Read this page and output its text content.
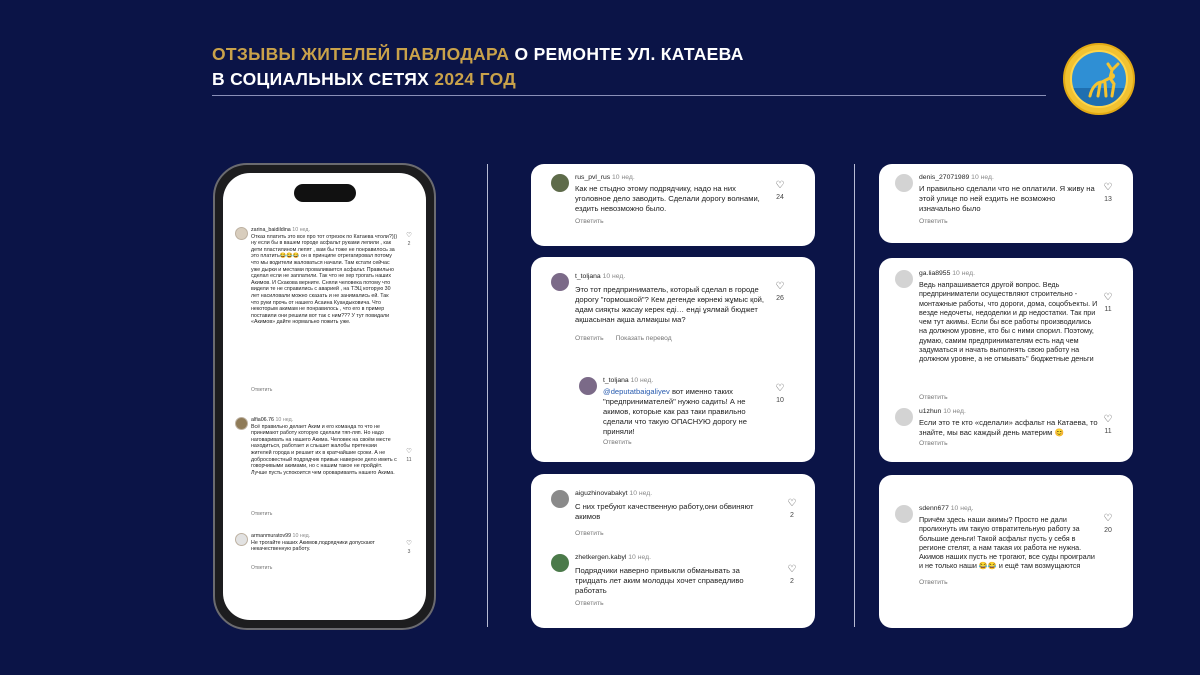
ОТЗЫВЫ ЖИТЕЛЕЙ ПАВЛОДАРА О РЕМОНТЕ УЛ. КАТАЕВА
В СОЦИАЛЬНЫХ СЕТЯХ 2024 ГОД
zarina_baidildina 10 нед.
Отказ платить это все про тот отрезок по Катаева чтоли?))) ну если бы в вашем городе асфальт руками лепили , как дети пластилином лепят , вам бы тоже не понравилось за это платить😂😂😂 он в принципе отрегагировал потому что мы водители жаловаться начали. Там кстати сейчас уже дырки и местами проваливается асфальт. Правильно сделал если не заплатили. Так что не хер трогать наших Акимов. И Скакова верните. Сняли человека потому что видели те не справились с аварией , на ТЭЦ которую 30 лет насиловали можно сказать и не занимались ей. Так что руки прочь от нашего Асаина Куандыковича. Что некоторым акимам не понравилось , что его в пример поставили они решили вот так с ним??? У тут повидали «Акимов» дайте нормально пожить уже.
♡
2
Ответить
alfia06.76 10 нед.
Всё правильно делает Аким и его команда то что не принимают работу которую сделали тяп-ляп. Но надо наговаривать на нашего Акима. Человек на своём месте находиться, работает и слышит жалобы претензии жителей города и решает их в кратчайшие сроки. А не добросовестный подрядчик привык наверное дело иметь с говорчивыми акимами, но с нашим такое не пройдёт. Лучше пусть успокоится чем оровариваять нашего Акима.
♡
11
Ответить
armanmuratov99 10 нед.
Не трогайте наших Акимов,подрядчики допускают некачественную работу.
♡
3
Ответить
rus_pvl_rus 10 нед.
Как не стыдно этому подрядчику, надо на них уголовное дело заводить. Сделали дорогу волнами, ездить невозможно было.
♡
24
Ответить
t_toljana 10 нед.
Это тот предприниматель, который сделал в городе дорогу "гормошкой"? Кем дегенде көрнекі жұмыс қой, адам сияқты жасау керек еді… енді ұялмай бюджет ақшасынан ақша алмақшы ма?
♡
26
Ответить Показать перевод
t_toljana 10 нед.
@deputatbaigaliyev вот именно таких "предпринимателей" нужно садить! А не акимов, которые как раз таки правильно сделали что такую ОПАСНУЮ дорогу не приняли!
♡
10
Ответить
aiguzhinovabakyt 10 нед.
С них требуют качественную работу,они обвиняют акимов
♡
2
Ответить
zhetkergen.kabyl 10 нед.
Подрядчики наверно привыкли обманывать за тридцать лет аким молодцы хочет справедливо работать
♡
2
Ответить
denis_27071989 10 нед.
И правильно сделали что не оплатили. Я живу на этой улице по ней ездить не возможно изначально было
♡
13
Ответить
ga.lia8955 10 нед.
Ведь напрашивается другой вопрос. Ведь предприниматели осуществляют строительно - монтажные работы, что дороги, дома, соцобъекты. И везде недочеты, недоделки и др недостатки. Так при чем тут акимы. Если бы все работы производились на должном уровне, кто бы с ними спорил. Поэтому, думаю, самим предпринимателям есть над чем задуматься и начать выполнять свою работу на должном уровне, а не отмывать" бюджетные деньги
♡
11
Ответить
u1zhun 10 нед.
Если это те кто «сделали» асфальт на Катаева, то знайте, мы вас каждый день материм 😊
♡
11
Ответить
sdenn677 10 нед.
Причём здесь наши акимы? Просто не дали пролихнуть им такую отвратительную работу за большие деньги! Такой асфальт пусть у себя в регионе стелят, а нам такая их работа не нужна. Акимов наших пусть не трогают, все суды проиграли и не только наши 😂😂 и ещё там возмущаются
♡
20
Ответить
